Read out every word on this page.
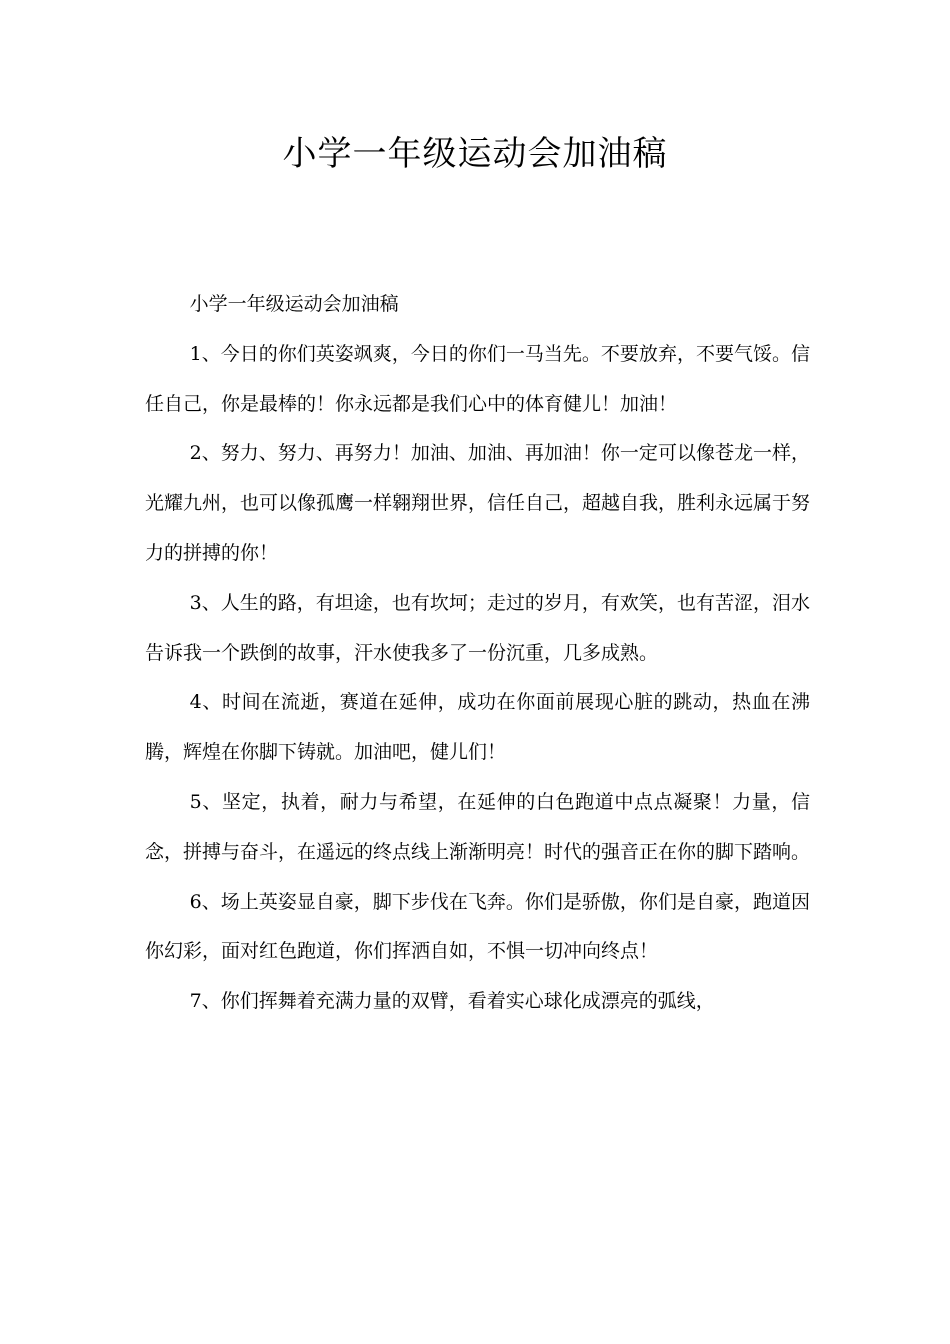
小学一年级运动会加油稿

小学一年级运动会加油稿

1、今日的你们英姿飒爽，今日的你们一马当先。不要放弃，不要气馁。信任自己，你是最棒的！你永远都是我们心中的体育健儿！加油！

2、努力、努力、再努力！加油、加油、再加油！你一定可以像苍龙一样，光耀九州，也可以像孤鹰一样翱翔世界，信任自己，超越自我，胜利永远属于努力的拼搏的你！

3、人生的路，有坦途，也有坎坷；走过的岁月，有欢笑，也有苦涩，泪水告诉我一个跌倒的故事，汗水使我多了一份沉重，几多成熟。

4、时间在流逝，赛道在延伸，成功在你面前展现心脏的跳动，热血在沸腾，辉煌在你脚下铸就。加油吧，健儿们！

5、坚定，执着，耐力与希望，在延伸的白色跑道中点点凝聚！力量，信念，拼搏与奋斗，在遥远的终点线上渐渐明亮！时代的强音正在你的脚下踏响。

6、场上英姿显自豪，脚下步伐在飞奔。你们是骄傲，你们是自豪，跑道因你幻彩，面对红色跑道，你们挥洒自如，不惧一切冲向终点！

7、你们挥舞着充满力量的双臂，看着实心球化成漂亮的弧线，
